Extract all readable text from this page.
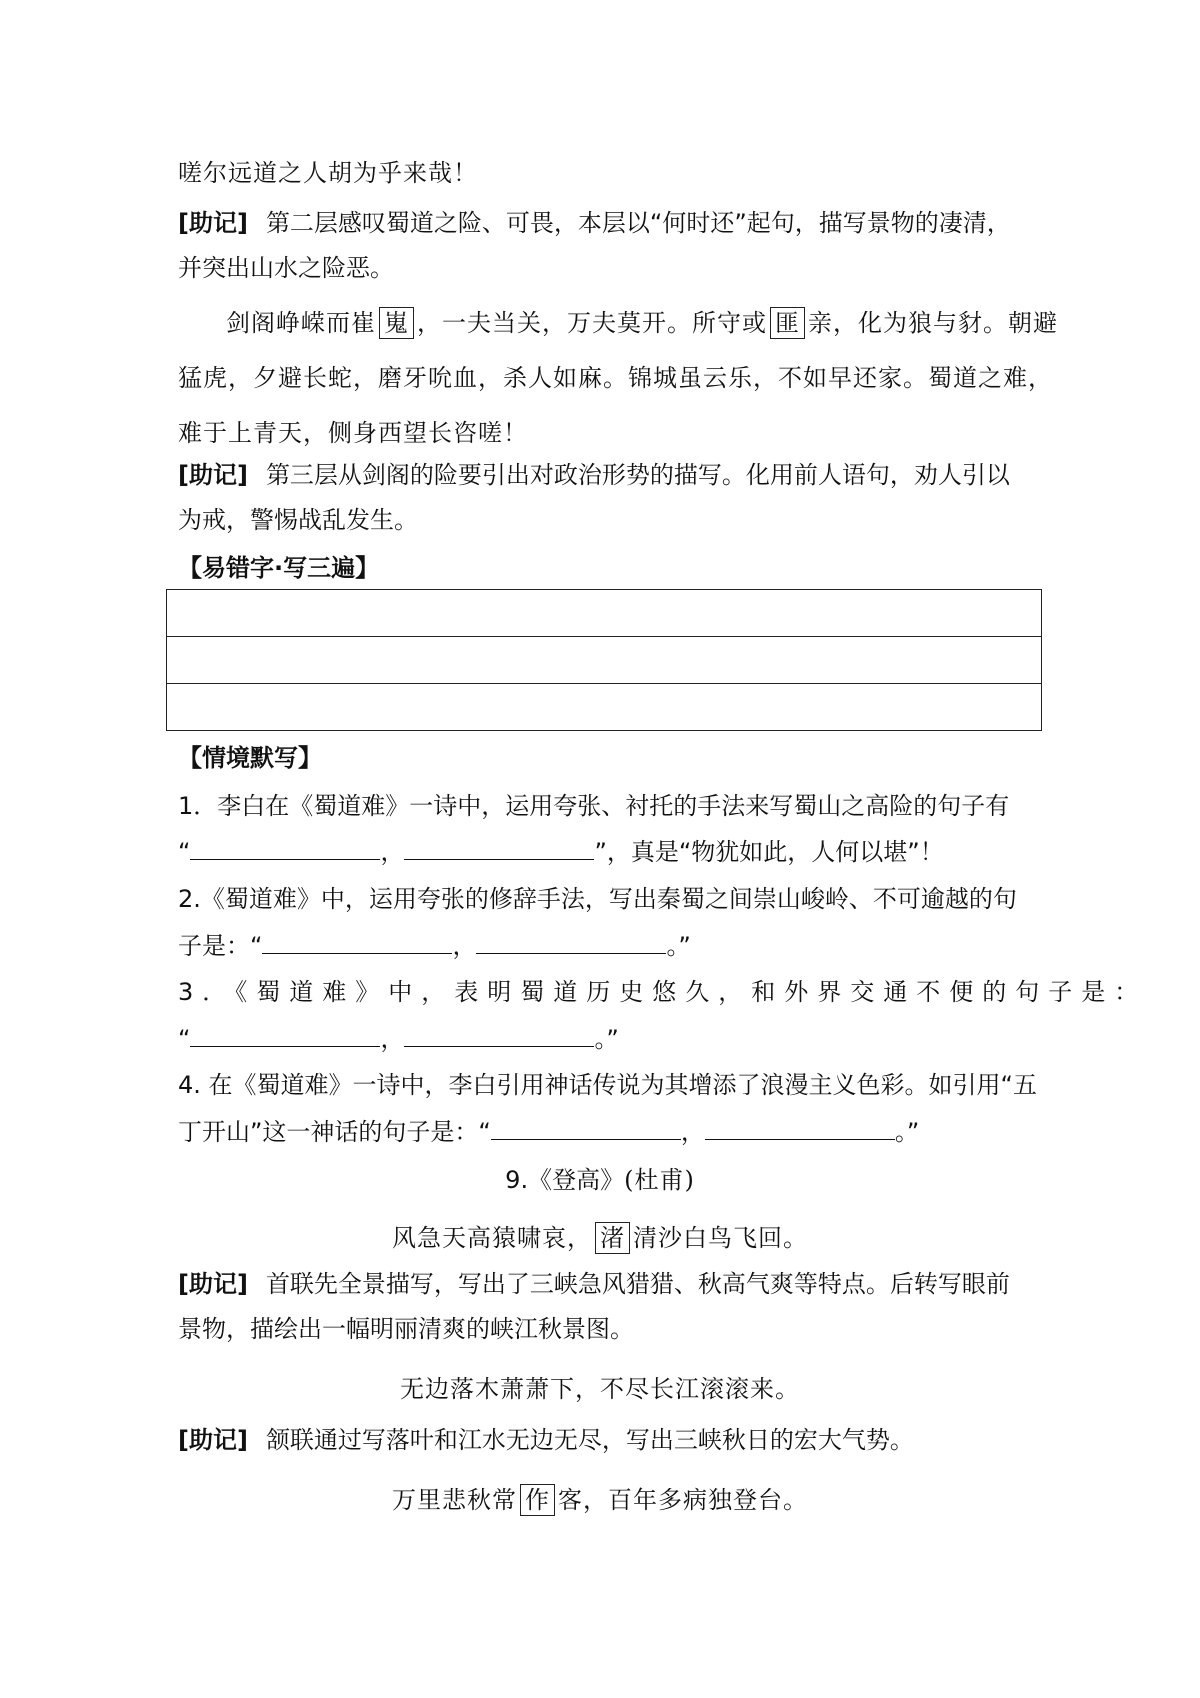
嗟尔远道之人胡为乎来哉！
[助记] 第二层感叹蜀道之险、可畏，本层以“何时还”起句，描写景物的凄清，
并突出山水之险恶。
剑阁峥嵘而崔 嵬 ，一夫当关，万夫莫开。所守或 匪 亲，化为狼与豺。朝避
猛虎，夕避长蛇，磨牙吮血，杀人如麻。锦城虽云乐，不如早还家。蜀道之难，
难于上青天，侧身西望长咨嗟！
[助记] 第三层从剑阁的险要引出对政治形势的描写。化用前人语句，劝人引以
为戒，警惕战乱发生。
【易错字·写三遍】
【情境默写】
1．李白在《蜀道难》一诗中，运用夸张、衬托的手法来写蜀山之高险的句子有
“	，	”，真是“物犹如此，人何以堪”！
2.《蜀道难》中，运用夸张的修辞手法，写出秦蜀之间崇山峻岭、不可逾越的句
子是：“	，	。”
3．《蜀道难》中，表明蜀道历史悠久，和外界交通不便的句子是：
“	，	。”
4. 在《蜀道难》一诗中，李白引用神话传说为其增添了浪漫主义色彩。如引用“五
丁开山”这一神话的句子是：“	，	。”
9.《登高》(杜甫)
风急天高猿啸哀， 渚 清沙白鸟飞回。
[助记] 首联先全景描写，写出了三峡急风猎猎、秋高气爽等特点。后转写眼前
景物，描绘出一幅明丽清爽的峡江秋景图。
无边落木萧萧下，不尽长江滚滚来。
[助记] 颔联通过写落叶和江水无边无尽，写出三峡秋日的宏大气势。
万里悲秋常 作 客，百年多病独登台。
